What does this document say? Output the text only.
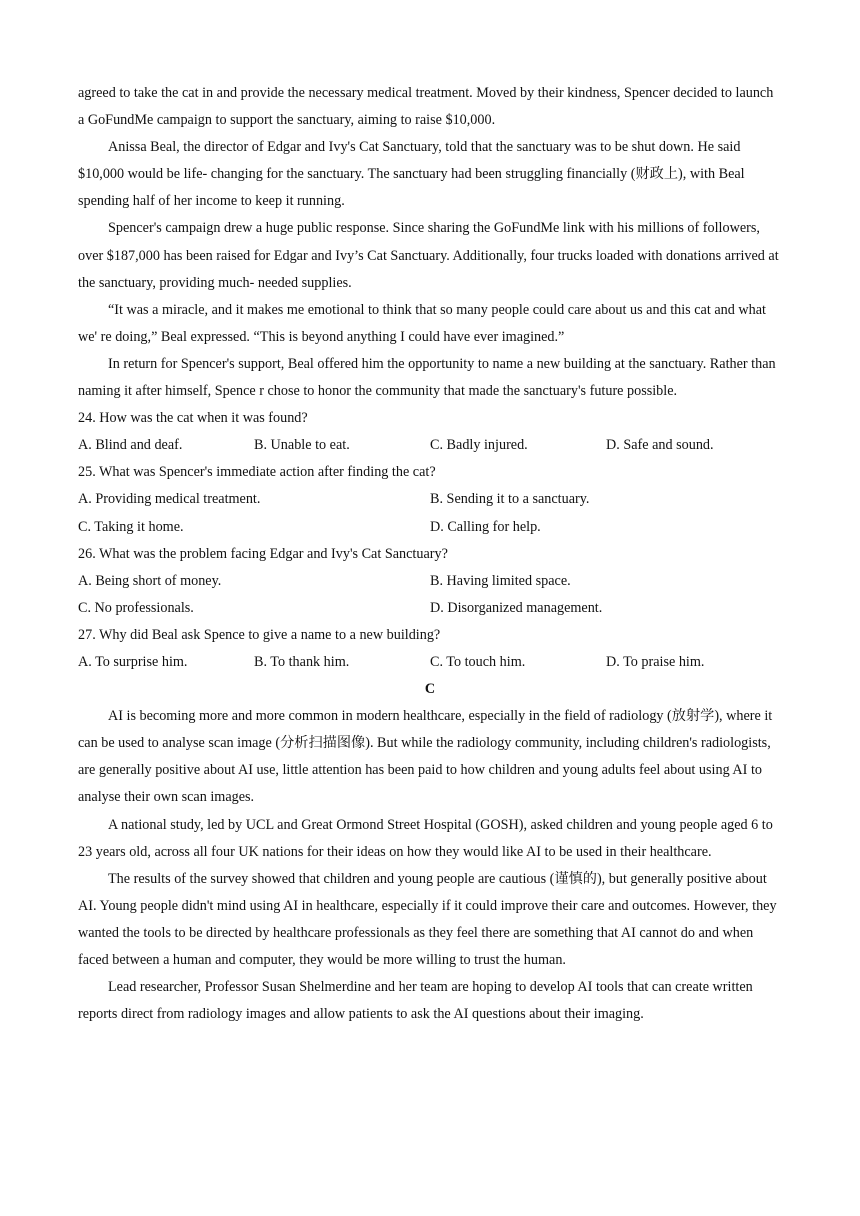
agreed to take the cat in and provide the necessary medical treatment. Moved by their kindness, Spencer decided to launch a GoFundMe campaign to support the sanctuary, aiming to raise $10,000.

Anissa Beal, the director of Edgar and Ivy's Cat Sanctuary, told that the sanctuary was to be shut down. He said $10,000 would be life- changing for the sanctuary. The sanctuary had been struggling financially (财政上), with Beal spending half of her income to keep it running.

Spencer's campaign drew a huge public response. Since sharing the GoFundMe link with his millions of followers, over $187,000 has been raised for Edgar and Ivy’s Cat Sanctuary. Additionally, four trucks loaded with donations arrived at the sanctuary, providing much- needed supplies.

“It was a miracle, and it makes me emotional to think that so many people could care about us and this cat and what we' re doing,” Beal expressed. “This is beyond anything I could have ever imagined.”

In return for Spencer's support, Beal offered him the opportunity to name a new building at the sanctuary. Rather than naming it after himself, Spence r chose to honor the community that made the sanctuary's future possible.

24. How was the cat when it was found?
A. Blind and deaf.	B. Unable to eat.	C. Badly injured.	D. Safe and sound.
25. What was Spencer's immediate action after finding the cat?
A. Providing medical treatment.	B. Sending it to a sanctuary.
C. Taking it home.	D. Calling for help.
26. What was the problem facing Edgar and Ivy's Cat Sanctuary?
A. Being short of money.	B. Having limited space.
C. No professionals.	D. Disorganized management.
27. Why did Beal ask Spence to give a name to a new building?
A. To surprise him.	B. To thank him.	C. To touch him.	D. To praise him.
C

AI is becoming more and more common in modern healthcare, especially in the field of radiology (放射学), where it can be used to analyse scan image (分析扫描图像). But while the radiology community, including children's radiologists, are generally positive about AI use, little attention has been paid to how children and young adults feel about using AI to analyse their own scan images.

A national study, led by UCL and Great Ormond Street Hospital (GOSH), asked children and young people aged 6 to 23 years old, across all four UK nations for their ideas on how they would like AI to be used in their healthcare.

The results of the survey showed that children and young people are cautious (谨慎的), but generally positive about AI. Young people didn't mind using AI in healthcare, especially if it could improve their care and outcomes. However, they wanted the tools to be directed by healthcare professionals as they feel there are something that AI cannot do and when faced between a human and computer, they would be more willing to trust the human.

Lead researcher, Professor Susan Shelmerdine and her team are hoping to develop AI tools that can create written reports direct from radiology images and allow patients to ask the AI questions about their imaging.
